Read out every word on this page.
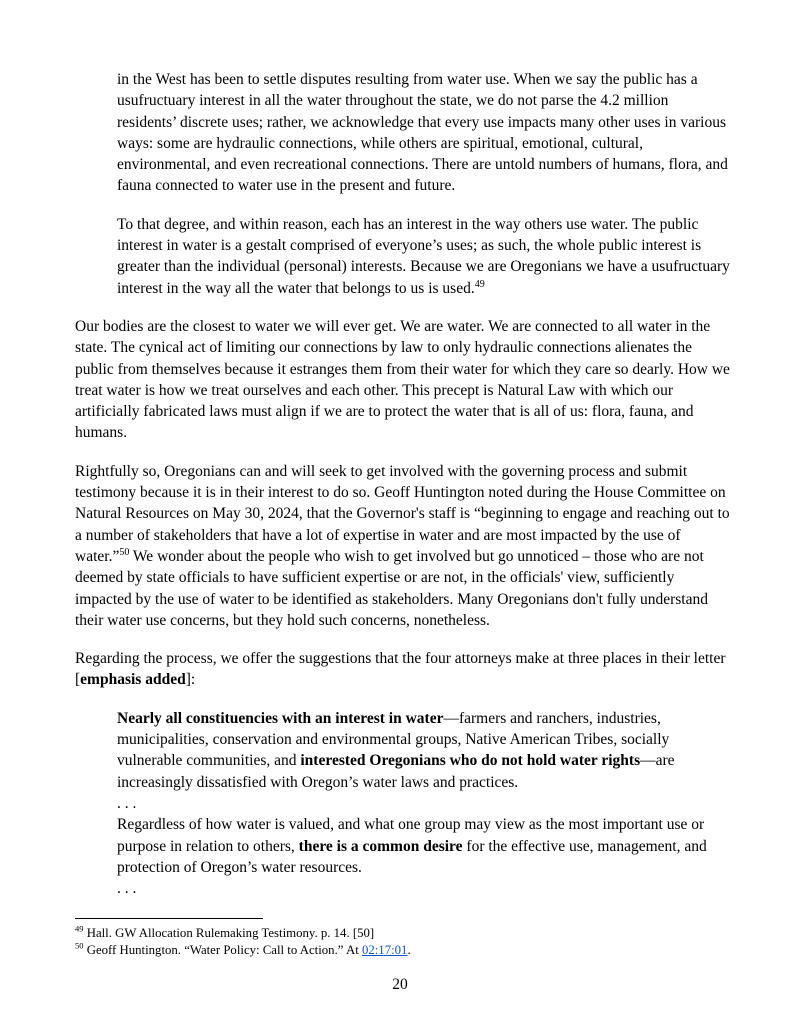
in the West has been to settle disputes resulting from water use. When we say the public has a usufructuary interest in all the water throughout the state, we do not parse the 4.2 million residents’ discrete uses; rather, we acknowledge that every use impacts many other uses in various ways: some are hydraulic connections, while others are spiritual, emotional, cultural, environmental, and even recreational connections. There are untold numbers of humans, flora, and fauna connected to water use in the present and future.

To that degree, and within reason, each has an interest in the way others use water. The public interest in water is a gestalt comprised of everyone’s uses; as such, the whole public interest is greater than the individual (personal) interests. Because we are Oregonians we have a usufructuary interest in the way all the water that belongs to us is used.$^{49}$

Our bodies are the closest to water we will ever get. We are water. We are connected to all water in the state. The cynical act of limiting our connections by law to only hydraulic connections alienates the public from themselves because it estranges them from their water for which they care so dearly. How we treat water is how we treat ourselves and each other. This precept is Natural Law with which our artificially fabricated laws must align if we are to protect the water that is all of us: flora, fauna, and humans.

Rightfully so, Oregonians can and will seek to get involved with the governing process and submit testimony because it is in their interest to do so. Geoff Huntington noted during the House Committee on Natural Resources on May 30, 2024, that the Governor's staff is “beginning to engage and reaching out to a number of stakeholders that have a lot of expertise in water and are most impacted by the use of water.”$^{50}$ We wonder about the people who wish to get involved but go unnoticed – those who are not deemed by state officials to have sufficient expertise or are not, in the officials' view, sufficiently impacted by the use of water to be identified as stakeholders. Many Oregonians don't fully understand their water use concerns, but they hold such concerns, nonetheless.

Regarding the process, we offer the suggestions that the four attorneys make at three places in their letter [emphasis added]:

Nearly all constituencies with an interest in water—farmers and ranchers, industries, municipalities, conservation and environmental groups, Native American Tribes, socially vulnerable communities, and interested Oregonians who do not hold water rights—are increasingly dissatisfied with Oregon’s water laws and practices.

. . .

Regardless of how water is valued, and what one group may view as the most important use or purpose in relation to others, there is a common desire for the effective use, management, and protection of Oregon’s water resources.

. . .

$^{49}$ Hall. GW Allocation Rulemaking Testimony. p. 14. [50]
$^{50}$ Geoff Huntington. “Water Policy: Call to Action.” At 02:17:01.
20
